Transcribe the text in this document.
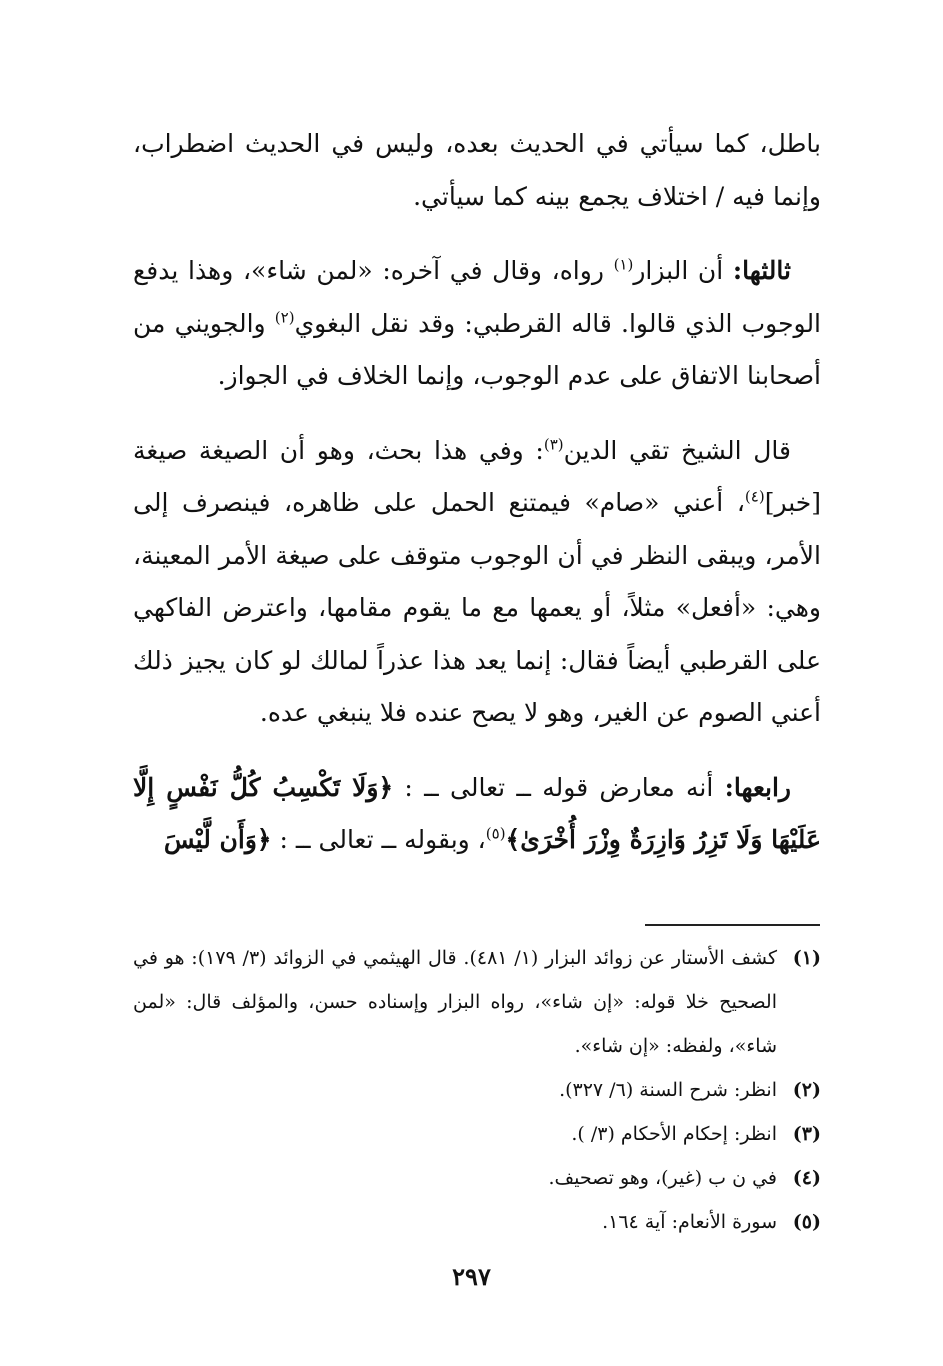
باطل، كما سيأتي في الحديث بعده، وليس في الحديث اضطراب، وإنما فيه / اختلاف يجمع بينه كما سيأتي.

ثالثها: أن البزار$^{(١)}$ رواه، وقال في آخره: «لمن شاء»، وهذا يدفع الوجوب الذي قالوا. قاله القرطبي: وقد نقل البغوي$^{(٢)}$ والجويني من أصحابنا الاتفاق على عدم الوجوب، وإنما الخلاف في الجواز.

قال الشيخ تقي الدين$^{(٣)}$: وفي هذا بحث، وهو أن الصيغة صيغة [خبر]$^{(٤)}$، أعني «صام» فيمتنع الحمل على ظاهره، فينصرف إلى الأمر، ويبقى النظر في أن الوجوب متوقف على صيغة الأمر المعينة، وهي: «أفعل» مثلاً، أو يعمها مع ما يقوم مقامها، واعترض الفاكهي على القرطبي أيضاً فقال: إنما يعد هذا عذراً لمالك لو كان يجيز ذلك أعني الصوم عن الغير، وهو لا يصح عنده فلا ينبغي عده.

رابعها: أنه معارض قوله ــ تعالى ــ : ﴿وَلَا تَكْسِبُ كُلُّ نَفْسٍ إِلَّا عَلَيْهَا وَلَا تَزِرُ وَازِرَةٌ وِزْرَ أُخْرَىٰ﴾$^{(٥)}$، وبقوله ــ تعالى ــ : ﴿وَأَن لَّيْسَ

(١)
كشف الأستار عن زوائد البزار (١/ ٤٨١). قال الهيثمي في الزوائد (٣/ ١٧٩): هو في الصحيح خلا قوله: «إن شاء»، رواه البزار وإسناده حسن، والمؤلف قال: «لمن شاء»، ولفظه: «إن شاء».
(٢)
انظر: شرح السنة (٦/ ٣٢٧).
(٣)
انظر: إحكام الأحكام (٣/ ).
(٤)
في ن ب (غير)، وهو تصحيف.
(٥)
سورة الأنعام: آية ١٦٤.
٢٩٧
